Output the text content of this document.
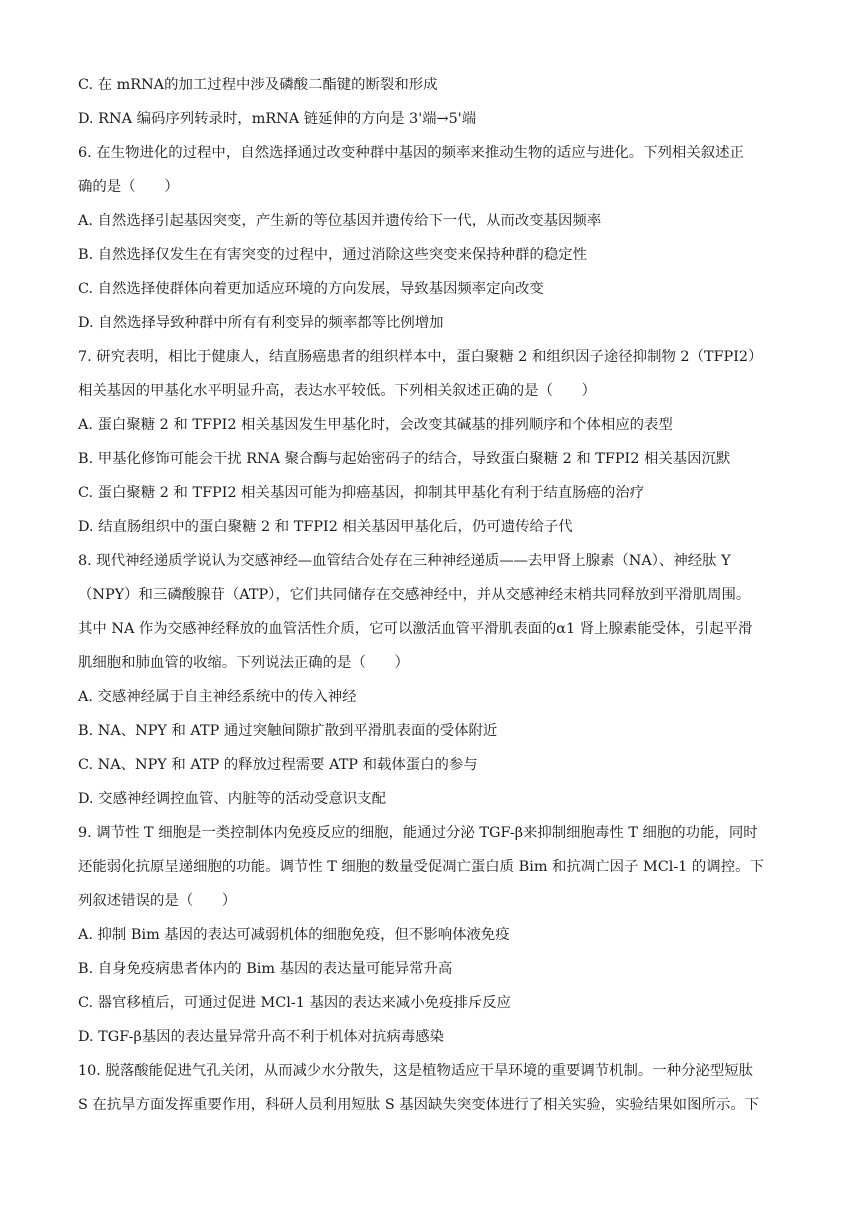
C. 在 mRNA的加工过程中涉及磷酸二酯键的断裂和形成
D. RNA 编码序列转录时，mRNA 链延伸的方向是 3'端→5'端
6. 在生物进化的过程中，自然选择通过改变种群中基因的频率来推动生物的适应与进化。下列相关叙述正
确的是（　　）
A. 自然选择引起基因突变，产生新的等位基因并遗传给下一代，从而改变基因频率
B. 自然选择仅发生在有害突变的过程中，通过消除这些突变来保持种群的稳定性
C. 自然选择使群体向着更加适应环境的方向发展，导致基因频率定向改变
D. 自然选择导致种群中所有有利变异的频率都等比例增加
7. 研究表明，相比于健康人，结直肠癌患者的组织样本中，蛋白聚糖 2 和组织因子途径抑制物 2（TFPI2）
相关基因的甲基化水平明显升高，表达水平较低。下列相关叙述正确的是（　　）
A. 蛋白聚糖 2 和 TFPI2 相关基因发生甲基化时，会改变其碱基的排列顺序和个体相应的表型
B. 甲基化修饰可能会干扰 RNA 聚合酶与起始密码子的结合，导致蛋白聚糖 2 和 TFPI2 相关基因沉默
C. 蛋白聚糖 2 和 TFPI2 相关基因可能为抑癌基因，抑制其甲基化有利于结直肠癌的治疗
D. 结直肠组织中的蛋白聚糖 2 和 TFPI2 相关基因甲基化后，仍可遗传给子代
8. 现代神经递质学说认为交感神经—血管结合处存在三种神经递质——去甲肾上腺素（NA）、神经肽 Y
（NPY）和三磷酸腺苷（ATP），它们共同储存在交感神经中，并从交感神经末梢共同释放到平滑肌周围。
其中 NA 作为交感神经释放的血管活性介质，它可以激活血管平滑肌表面的α1 肾上腺素能受体，引起平滑
肌细胞和肺血管的收缩。下列说法正确的是（　　）
A. 交感神经属于自主神经系统中的传入神经
B. NA、NPY 和 ATP 通过突触间隙扩散到平滑肌表面的受体附近
C. NA、NPY 和 ATP 的释放过程需要 ATP 和载体蛋白的参与
D. 交感神经调控血管、内脏等的活动受意识支配
9. 调节性 T 细胞是一类控制体内免疫反应的细胞，能通过分泌 TGF-β来抑制细胞毒性 T 细胞的功能，同时
还能弱化抗原呈递细胞的功能。调节性 T 细胞的数量受促凋亡蛋白质 Bim 和抗凋亡因子 MCl-1 的调控。下
列叙述错误的是（　　）
A. 抑制 Bim 基因的表达可减弱机体的细胞免疫，但不影响体液免疫
B. 自身免疫病患者体内的 Bim 基因的表达量可能异常升高
C. 器官移植后，可通过促进 MCl-1 基因的表达来减小免疫排斥反应
D. TGF-β基因的表达量异常升高不利于机体对抗病毒感染
10. 脱落酸能促进气孔关闭，从而减少水分散失，这是植物适应干旱环境的重要调节机制。一种分泌型短肽
S 在抗旱方面发挥重要作用，科研人员利用短肽 S 基因缺失突变体进行了相关实验，实验结果如图所示。下
